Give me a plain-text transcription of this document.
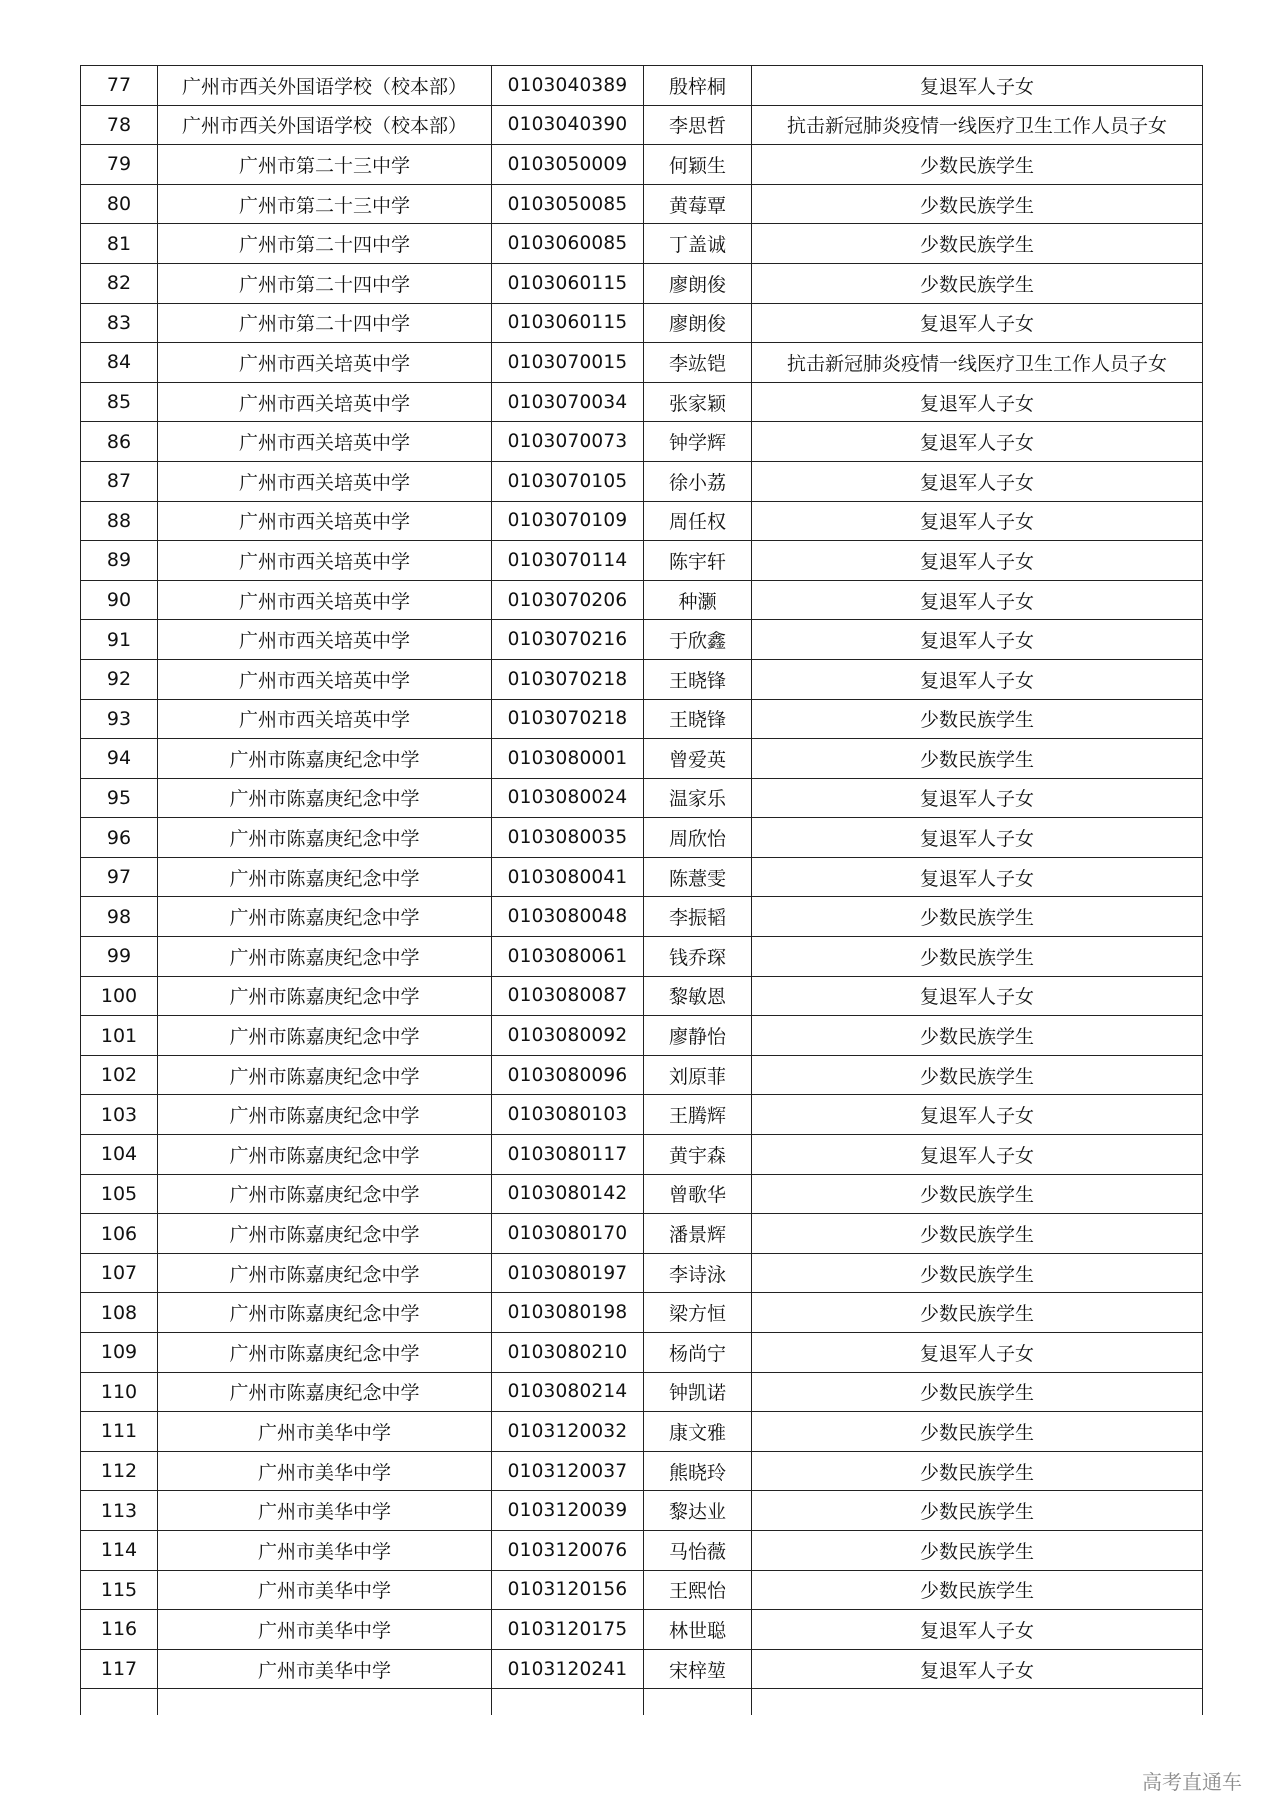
77	广州市西关外国语学校（校本部）	0103040389	殷梓桐	复退军人子女
78	广州市西关外国语学校（校本部）	0103040390	李思哲	抗击新冠肺炎疫情一线医疗卫生工作人员子女
79	广州市第二十三中学	0103050009	何颖生	少数民族学生
80	广州市第二十三中学	0103050085	黄莓覃	少数民族学生
81	广州市第二十四中学	0103060085	丁盖诚	少数民族学生
82	广州市第二十四中学	0103060115	廖朗俊	少数民族学生
83	广州市第二十四中学	0103060115	廖朗俊	复退军人子女
84	广州市西关培英中学	0103070015	李竑铠	抗击新冠肺炎疫情一线医疗卫生工作人员子女
85	广州市西关培英中学	0103070034	张家颖	复退军人子女
86	广州市西关培英中学	0103070073	钟学辉	复退军人子女
87	广州市西关培英中学	0103070105	徐小荔	复退军人子女
88	广州市西关培英中学	0103070109	周任权	复退军人子女
89	广州市西关培英中学	0103070114	陈宇轩	复退军人子女
90	广州市西关培英中学	0103070206	种灏	复退军人子女
91	广州市西关培英中学	0103070216	于欣鑫	复退军人子女
92	广州市西关培英中学	0103070218	王晓锋	复退军人子女
93	广州市西关培英中学	0103070218	王晓锋	少数民族学生
94	广州市陈嘉庚纪念中学	0103080001	曾爱英	少数民族学生
95	广州市陈嘉庚纪念中学	0103080024	温家乐	复退军人子女
96	广州市陈嘉庚纪念中学	0103080035	周欣怡	复退军人子女
97	广州市陈嘉庚纪念中学	0103080041	陈薏雯	复退军人子女
98	广州市陈嘉庚纪念中学	0103080048	李振韬	少数民族学生
99	广州市陈嘉庚纪念中学	0103080061	钱乔琛	少数民族学生
100	广州市陈嘉庚纪念中学	0103080087	黎敏恩	复退军人子女
101	广州市陈嘉庚纪念中学	0103080092	廖静怡	少数民族学生
102	广州市陈嘉庚纪念中学	0103080096	刘原菲	少数民族学生
103	广州市陈嘉庚纪念中学	0103080103	王腾辉	复退军人子女
104	广州市陈嘉庚纪念中学	0103080117	黄宇森	复退军人子女
105	广州市陈嘉庚纪念中学	0103080142	曾歌华	少数民族学生
106	广州市陈嘉庚纪念中学	0103080170	潘景辉	少数民族学生
107	广州市陈嘉庚纪念中学	0103080197	李诗泳	少数民族学生
108	广州市陈嘉庚纪念中学	0103080198	梁方恒	少数民族学生
109	广州市陈嘉庚纪念中学	0103080210	杨尚宁	复退军人子女
110	广州市陈嘉庚纪念中学	0103080214	钟凯诺	少数民族学生
111	广州市美华中学	0103120032	康文雅	少数民族学生
112	广州市美华中学	0103120037	熊晓玲	少数民族学生
113	广州市美华中学	0103120039	黎达业	少数民族学生
114	广州市美华中学	0103120076	马怡薇	少数民族学生
115	广州市美华中学	0103120156	王熙怡	少数民族学生
116	广州市美华中学	0103120175	林世聪	复退军人子女
117	广州市美华中学	0103120241	宋梓堃	复退军人子女

高考直通车
